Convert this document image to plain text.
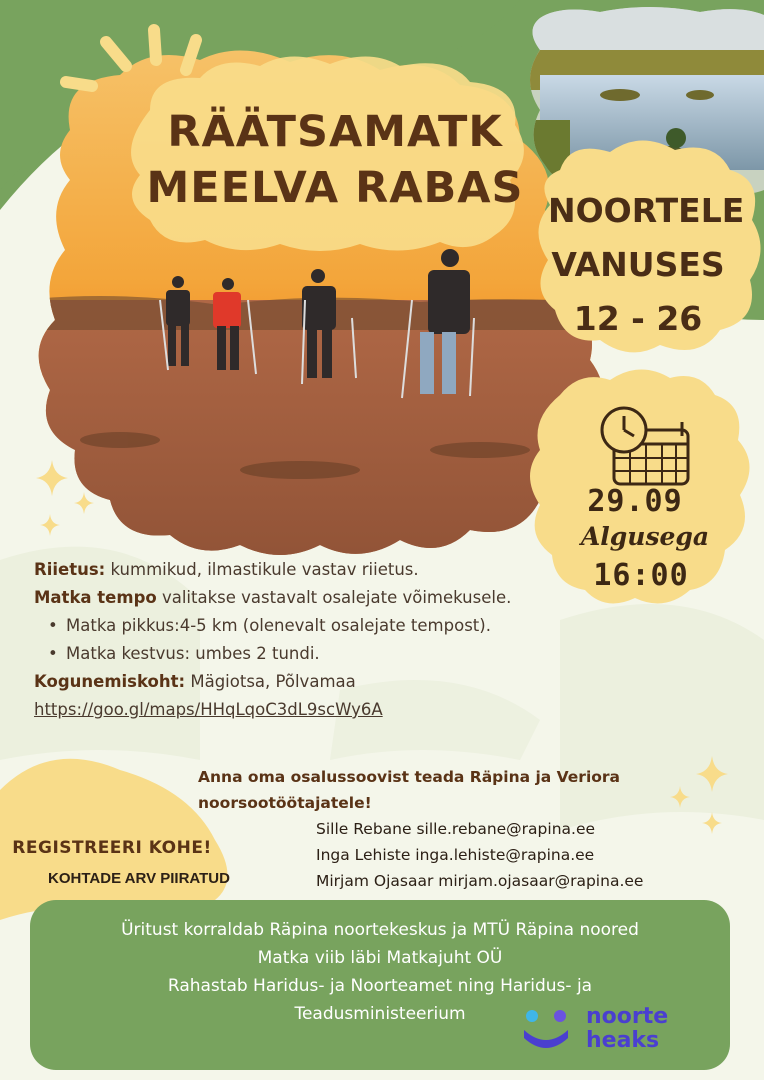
RÄÄTSAMATK
MEELVA RABAS NOORTELE
VANUSES
12 - 26
29.09
Algusega
16:00
Riietus: kummikud, ilmastikule vastav riietus.
Matka tempo valitakse vastavalt osalejate võimekusele.
• Matka pikkus:4-5 km (olenevalt osalejate tempost).
• Matka kestvus: umbes 2 tundi.
Kogunemiskoht: Mägiotsa, Põlvamaa
https://goo.gl/maps/HHqLqoC3dL9scWy6A
REGISTREERI KOHE!
KOHTADE ARV PIIRATUD
Anna oma osalussoovist teada Räpina ja Veriora
noorsootöötajatele!
Sille Rebane sille.rebane@rapina.ee
Inga Lehiste inga.lehiste@rapina.ee
Mirjam Ojasaar mirjam.ojasaar@rapina.ee
Üritust korraldab Räpina noortekeskus ja MTÜ Räpina noored
Matka viib läbi Matkajuht OÜ
Rahastab Haridus- ja Noorteamet ning Haridus- ja
Teadusministeerium	noorte
heaks
